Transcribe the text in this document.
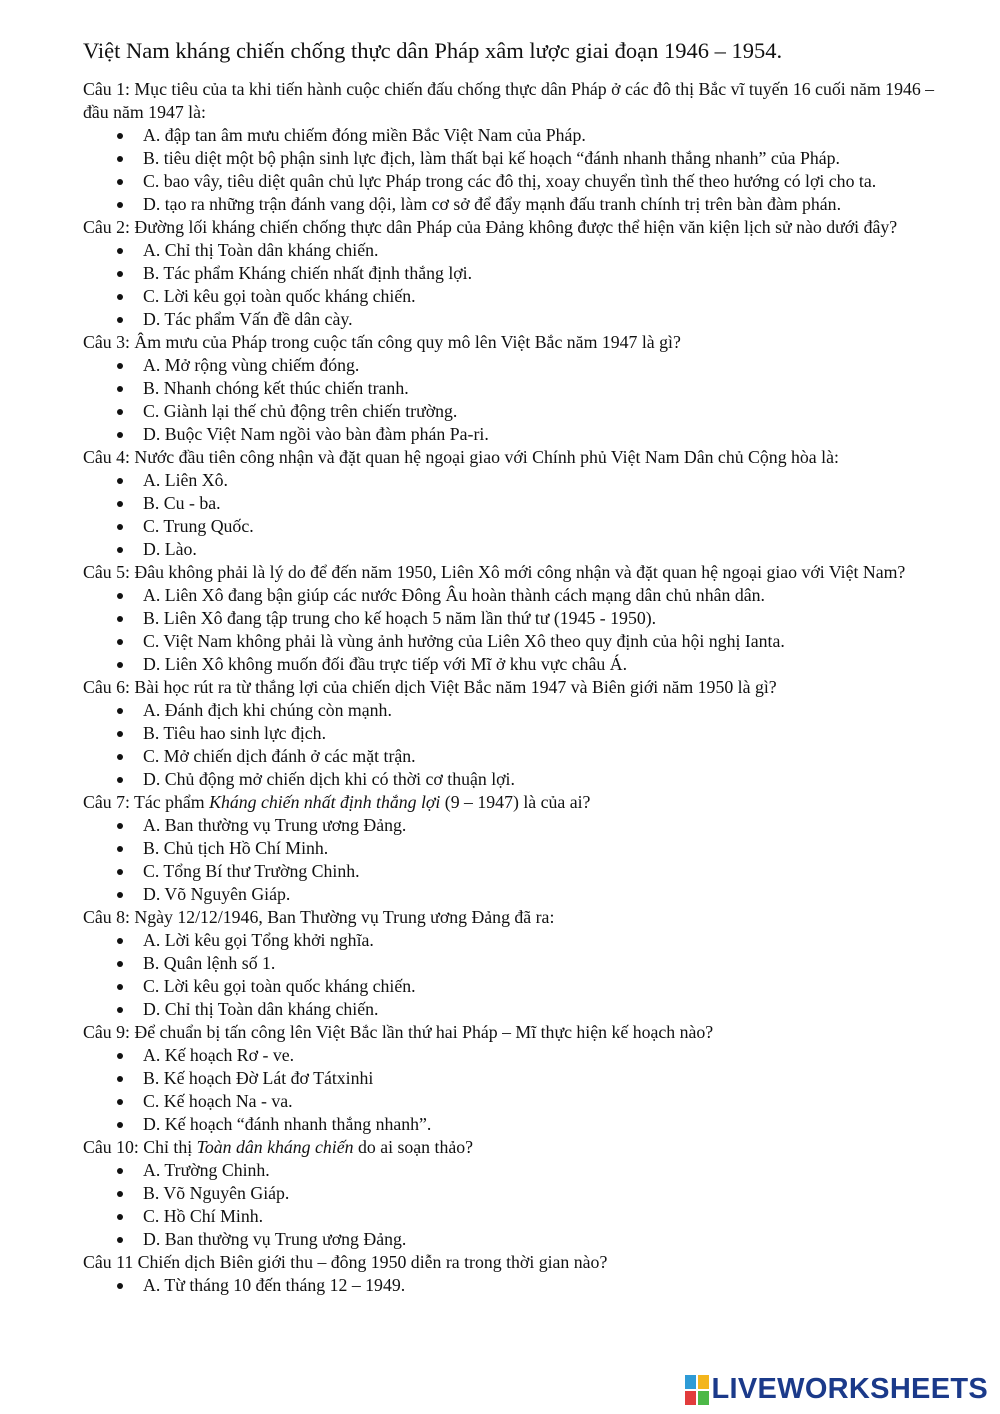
Việt Nam kháng chiến chống thực dân Pháp xâm lược giai đoạn 1946 – 1954.

Câu 1: Mục tiêu của ta khi tiến hành cuộc chiến đấu chống thực dân Pháp ở các đô thị Bắc vĩ tuyến 16 cuối năm 1946 – đầu năm 1947 là:

A. đập tan âm mưu chiếm đóng miền Bắc Việt Nam của Pháp.
B. tiêu diệt một bộ phận sinh lực địch, làm thất bại kế hoạch “đánh nhanh thắng nhanh” của Pháp.
C. bao vây, tiêu diệt quân chủ lực Pháp trong các đô thị, xoay chuyển tình thế theo hướng có lợi cho ta.
D. tạo ra những trận đánh vang dội, làm cơ sở để đẩy mạnh đấu tranh chính trị trên bàn đàm phán.

Câu 2: Đường lối kháng chiến chống thực dân Pháp của Đảng không được thể hiện văn kiện lịch sử nào dưới đây?

A. Chỉ thị Toàn dân kháng chiến.
B. Tác phẩm Kháng chiến nhất định thắng lợi.
C. Lời kêu gọi toàn quốc kháng chiến.
D. Tác phẩm Vấn đề dân cày.

Câu 3: Âm mưu của Pháp trong cuộc tấn công quy mô lên Việt Bắc năm 1947 là gì?

A. Mở rộng vùng chiếm đóng.
B. Nhanh chóng kết thúc chiến tranh.
C. Giành lại thế chủ động trên chiến trường.
D. Buộc Việt Nam ngồi vào bàn đàm phán Pa-ri.

Câu 4: Nước đầu tiên công nhận và đặt quan hệ ngoại giao với Chính phủ Việt Nam Dân chủ Cộng hòa là:

A. Liên Xô.
B. Cu - ba.
C. Trung Quốc.
D. Lào.

Câu 5: Đâu không phải là lý do để đến năm 1950, Liên Xô mới công nhận và đặt quan hệ ngoại giao với Việt Nam?

A. Liên Xô đang bận giúp các nước Đông Âu hoàn thành cách mạng dân chủ nhân dân.
B. Liên Xô đang tập trung cho kế hoạch 5 năm lần thứ tư (1945 - 1950).
C. Việt Nam không phải là vùng ảnh hưởng của Liên Xô theo quy định của hội nghị Ianta.
D. Liên Xô không muốn đối đầu trực tiếp với Mĩ ở khu vực châu Á.

Câu 6: Bài học rút ra từ thắng lợi của chiến dịch Việt Bắc năm 1947 và Biên giới năm 1950 là gì?

A. Đánh địch khi chúng còn mạnh.
B. Tiêu hao sinh lực địch.
C. Mở chiến dịch đánh ở các mặt trận.
D. Chủ động mở chiến dịch khi có thời cơ thuận lợi.

Câu 7: Tác phẩm Kháng chiến nhất định thắng lợi (9 – 1947) là của ai?

A. Ban thường vụ Trung ương Đảng.
B. Chủ tịch Hồ Chí Minh.
C. Tổng Bí thư Trường Chinh.
D. Võ Nguyên Giáp.

Câu 8: Ngày 12/12/1946, Ban Thường vụ Trung ương Đảng đã ra:

A. Lời kêu gọi Tổng khởi nghĩa.
B. Quân lệnh số 1.
C. Lời kêu gọi toàn quốc kháng chiến.
D. Chỉ thị Toàn dân kháng chiến.

Câu 9: Để chuẩn bị tấn công lên Việt Bắc lần thứ hai Pháp – Mĩ thực hiện kế hoạch nào?

A. Kế hoạch Rơ - ve.
B. Kế hoạch Đờ Lát đơ Tátxinhi
C. Kế hoạch Na - va.
D. Kế hoạch “đánh nhanh thắng nhanh”.

Câu 10: Chỉ thị Toàn dân kháng chiến do ai soạn thảo?

A. Trường Chinh.
B. Võ Nguyên Giáp.
C. Hồ Chí Minh.
D. Ban thường vụ Trung ương Đảng.

Câu 11 Chiến dịch Biên giới thu – đông 1950 diễn ra trong thời gian nào?

A. Từ tháng 10 đến tháng 12 – 1949.
LIVEWORKSHEETS
